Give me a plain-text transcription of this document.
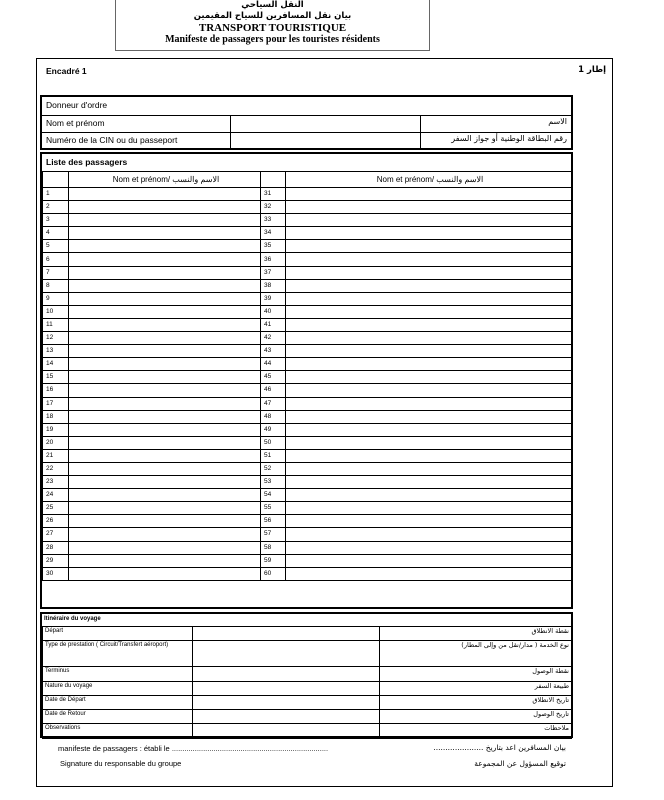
النقل السياحي
بيان نقل المسافرين للسياح المقيمين
TRANSPORT TOURISTIQUE
Manifeste de passagers pour les touristes résidents
Encadré 1	إطار 1
Donneur d'ordre
Nom et prénom	الاسم
Numéro de la CIN ou du passeport	رقم البطاقة الوطنية أو جواز السفر
Liste des passagers
	Nom et prénom/ الاسم والنسب		Nom et prénom/ الاسم والنسب
1		31	
2		32	
3		33	
4		34	
5		35	
6		36	
7		37	
8		38	
9		39	
10		40	
11		41	
12		42	
13		43	
14		44	
15		45	
16		46	
17		47	
18		48	
19		49	
20		50	
21		51	
22		52	
23		53	
24		54	
25		55	
26		56	
27		57	
28		58	
29		59	
30		60	
Itinéraire du voyage
Départ		نقطة الانطلاق
Type de prestation ( Circuit/Transfert aéroport)		نوع الخدمة ( مدار/نقل من وإلى المطار)
Terminus		نقطة الوصول
Nature du voyage		طبيعة السفر
Date de Départ		تاريخ الانطلاق
Date de Retour		تاريخ الوصول
Observations		ملاحظات
manifeste de passagers : établi le ...........................................................................	بيان المسافرين اعد بتاريخ .....................
Signature du responsable du groupe	توقيع المسؤول عن المجموعة
